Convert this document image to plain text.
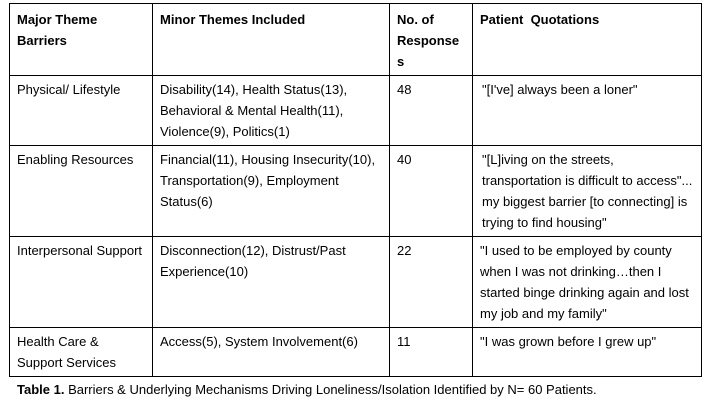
Major Theme Barriers	Minor Themes Included	No. of Responses	Patient  Quotations
Physical/ Lifestyle	Disability(14), Health Status(13), Behavioral & Mental Health(11), Violence(9), Politics(1)	48	"[I've] always been a loner"
Enabling Resources	Financial(11), Housing Insecurity(10), Transportation(9), Employment Status(6)	40	"[L]iving on the streets, transportation is difficult to access"... my biggest barrier [to connecting] is trying to find housing"
Interpersonal Support	Disconnection(12), Distrust/Past Experience(10)	22	"I used to be employed by county when I was not drinking…then I started binge drinking again and lost my job and my family"
Health Care & Support Services	Access(5), System Involvement(6)	11	"I was grown before I grew up"
Table 1. Barriers & Underlying Mechanisms Driving Loneliness/Isolation Identified by N= 60 Patients.
